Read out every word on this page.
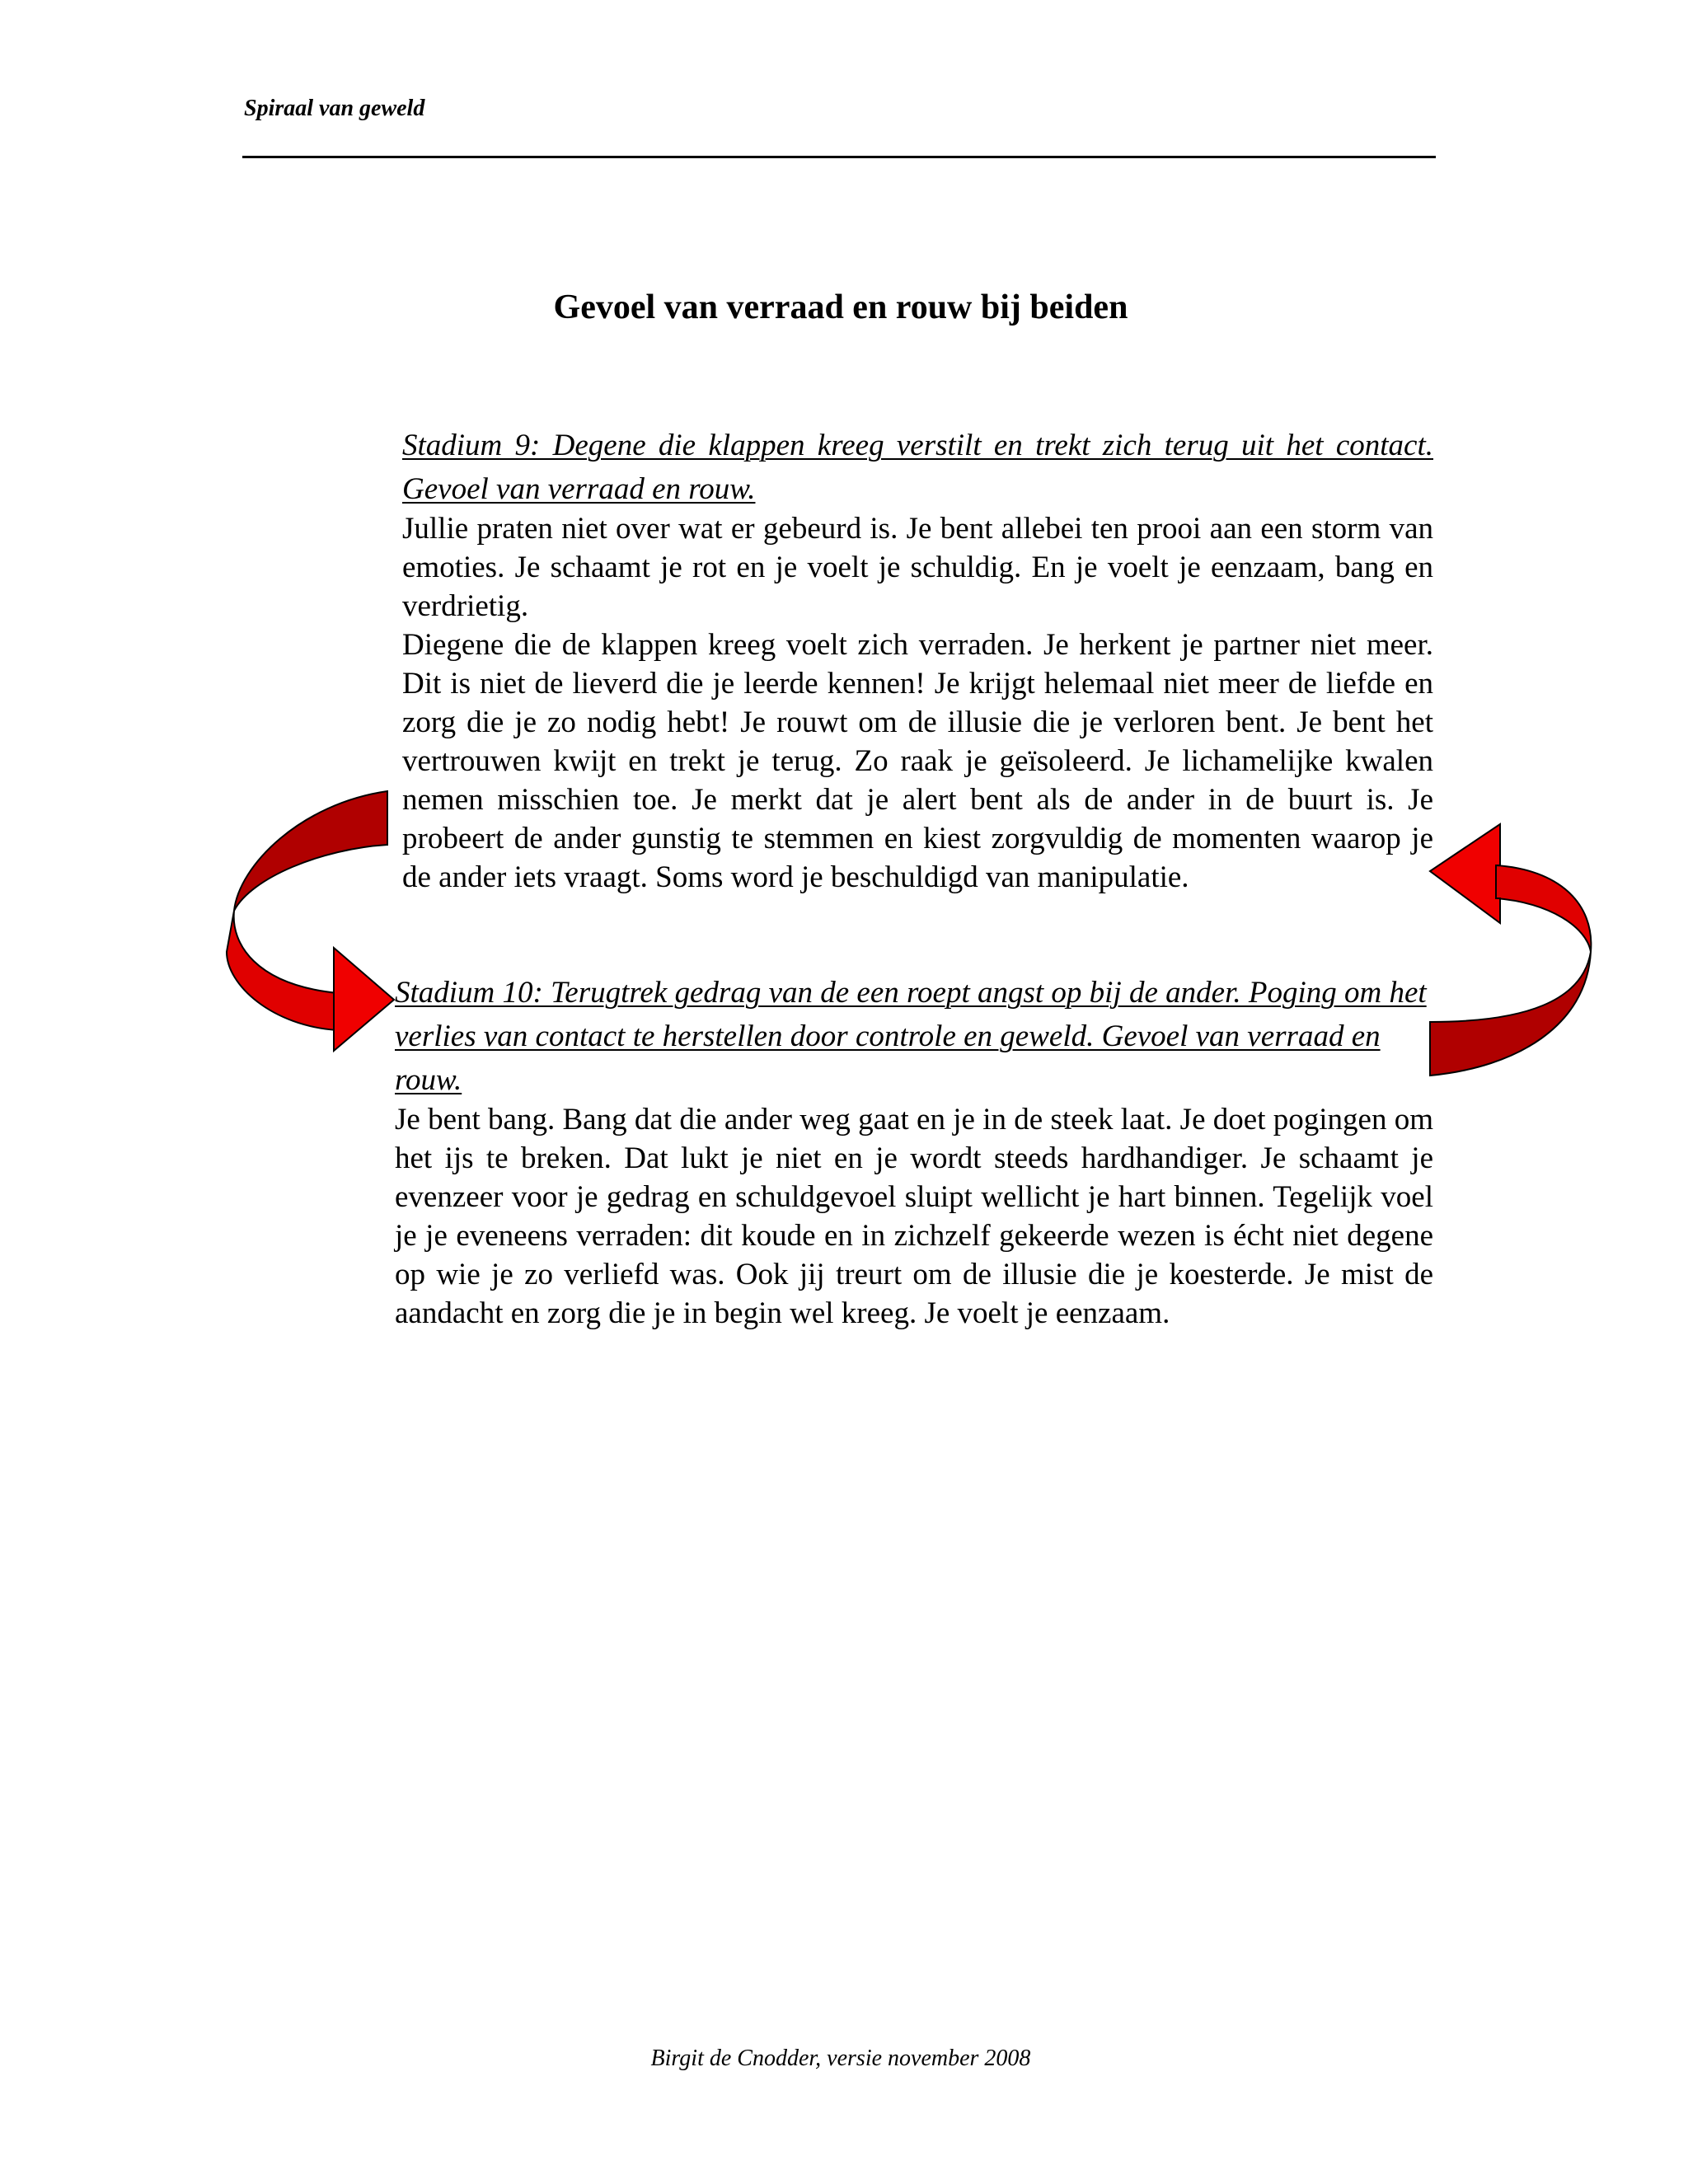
Spiraal van geweld
Gevoel van verraad en rouw bij beiden

Stadium 9: Degene die klappen kreeg verstilt en trekt zich terug uit het contact. Gevoel van verraad en rouw.

Jullie praten niet over wat er gebeurd is. Je bent allebei ten prooi aan een storm van emoties. Je schaamt je rot en je voelt je schuldig. En je voelt je eenzaam, bang en verdrietig.

Diegene die de klappen kreeg voelt zich verraden. Je herkent je partner niet meer. Dit is niet de lieverd die je leerde kennen! Je krijgt helemaal niet meer de liefde en zorg die je zo nodig hebt! Je rouwt om de illusie die je verloren bent. Je bent het vertrouwen kwijt en trekt je terug. Zo raak je geïsoleerd. Je lichamelijke kwalen nemen misschien toe. Je merkt dat je alert bent als de ander in de buurt is. Je probeert de ander gunstig te stemmen en kiest zorgvuldig de momenten waarop je de ander iets vraagt. Soms word je beschuldigd van manipulatie.

Stadium 10: Terugtrek gedrag van de een roept angst op bij de ander. Poging om het verlies van contact te herstellen door controle en geweld. Gevoel van verraad en rouw.

Je bent bang. Bang dat die ander weg gaat en je in de steek laat. Je doet pogingen om het ijs te breken. Dat lukt je niet en je wordt steeds hardhandiger. Je schaamt je evenzeer voor je gedrag en schuldgevoel sluipt wellicht je hart binnen. Tegelijk voel je je eveneens verraden: dit koude en in zichzelf gekeerde wezen is écht niet degene op wie je zo verliefd was. Ook jij treurt om de illusie die je koesterde. Je mist de aandacht en zorg die je in begin wel kreeg. Je voelt je eenzaam.

Birgit de Cnodder, versie november 2008
